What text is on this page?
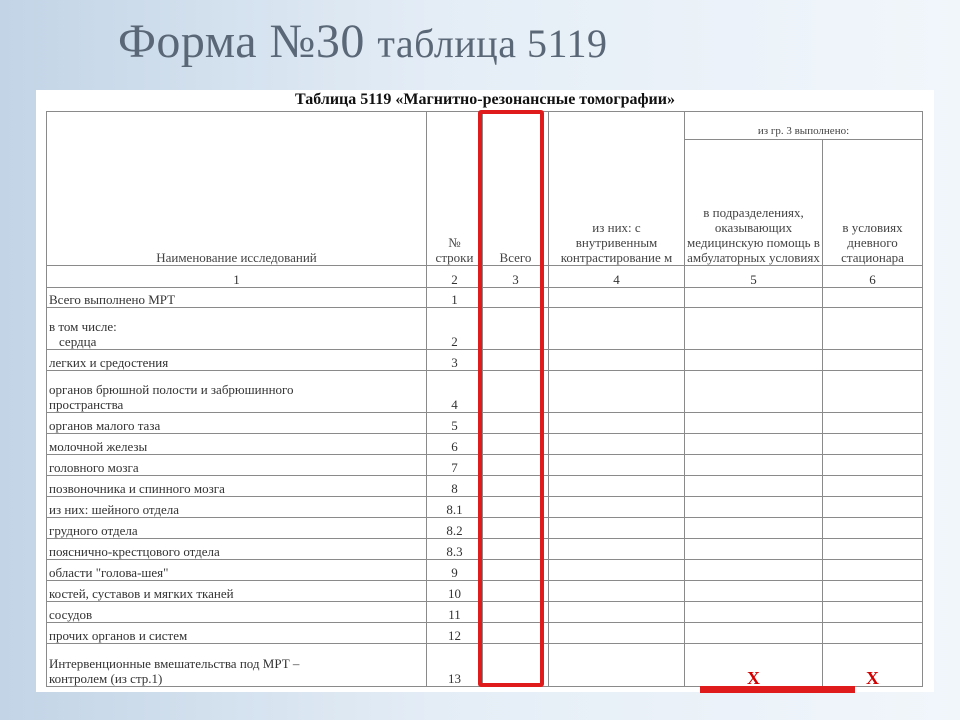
Форма №30 таблица 5119
Таблица 5119 «Магнитно-резонансные томографии»
Наименование исследований	№ строки	Всего	из них: с внутривенным контрастирование м	из гр. 3 выполнено:	
				в подразделениях, оказывающих медицинскую помощь в амбулаторных условиях	в условиях дневного стационара
1	2	3	4	5	6
Всего выполнено МРТ	1				

в том числе:
сердца	2				
легких и средостения	3				

органов брюшной полости и забрюшинного
пространства	4				
органов малого таза	5				
молочной железы	6				
головного мозга	7				
позвоночника и спинного мозга	8				
из них: шейного отдела	8.1				
грудного отдела	8.2				
пояснично-крестцового отдела	8.3				
области "голова-шея"	9				
костей, суставов и мягких тканей	10				
сосудов	11				
прочих органов и систем	12				

Интервенционные вмешательства под МРТ –
контролем (из стр.1)	13			Х	Х
